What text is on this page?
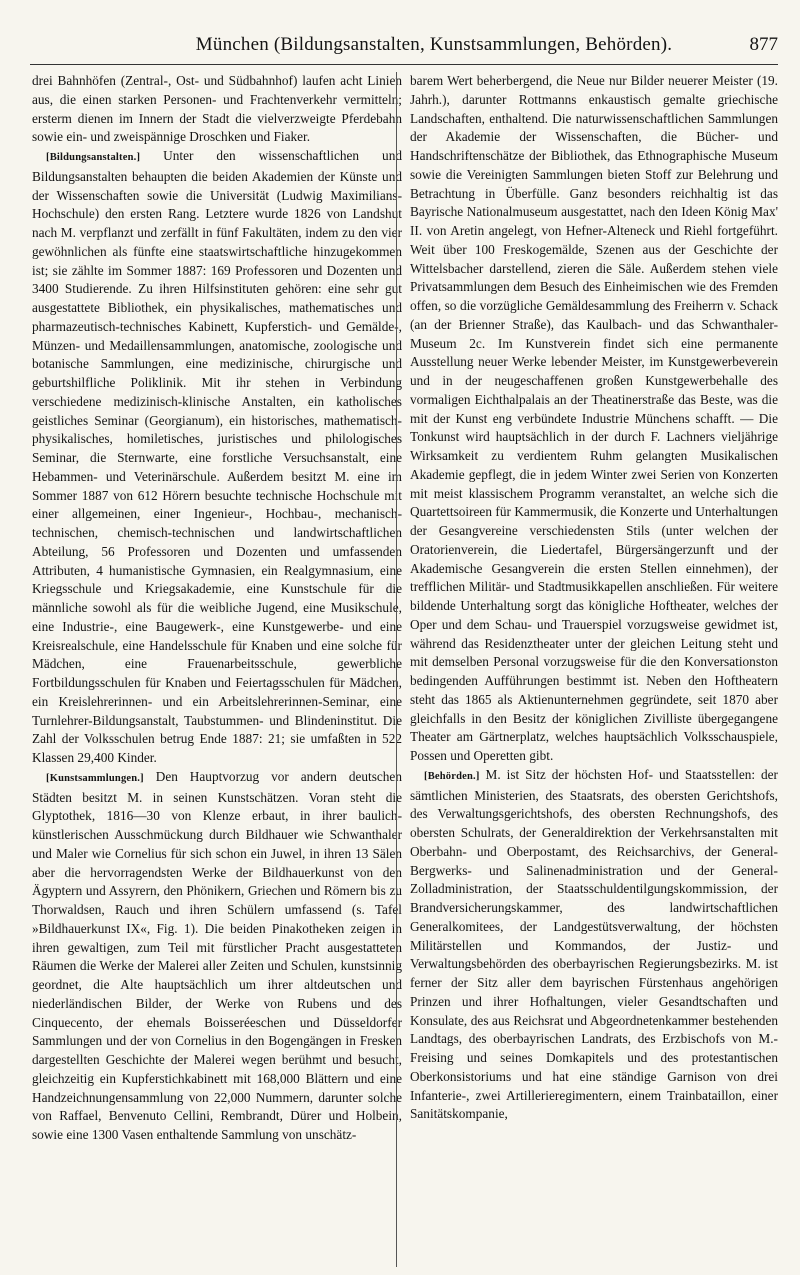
München (Bildungsanstalten, Kunstsammlungen, Behörden).	877

drei Bahnhöfen (Zentral-, Ost- und Südbahnhof) laufen acht Linien aus, die einen starken Personen- und Frachtenverkehr vermitteln; ersterm dienen im Innern der Stadt die vielverzweigte Pferdebahn sowie ein- und zweispännige Droschken und Fiaker.

[Bildungsanstalten.] Unter den wissenschaftlichen und Bildungsanstalten behaupten die beiden Akademien der Künste und der Wissenschaften sowie die Universität (Ludwig Maximilians-Hochschule) den ersten Rang. Letztere wurde 1826 von Landshut nach M. verpflanzt und zerfällt in fünf Fakultäten, indem zu den vier gewöhnlichen als fünfte eine staatswirtschaftliche hinzugekommen ist; sie zählte im Sommer 1887: 169 Professoren und Dozenten und 3400 Studierende. Zu ihren Hilfsinstituten gehören: eine sehr gut ausgestattete Bibliothek, ein physikalisches, mathematisches und pharmazeutisch-technisches Kabinett, Kupferstich- und Gemälde-, Münzen- und Medaillensammlungen, anatomische, zoologische und botanische Sammlungen, eine medizinische, chirurgische und geburtshilfliche Poliklinik. Mit ihr stehen in Verbindung verschiedene medizinisch-klinische Anstalten, ein katholisches geistliches Seminar (Georgianum), ein historisches, mathematisch-physikalisches, homiletisches, juristisches und philologisches Seminar, die Sternwarte, eine forstliche Versuchsanstalt, eine Hebammen- und Veterinärschule. Außerdem besitzt M. eine im Sommer 1887 von 612 Hörern besuchte technische Hochschule mit einer allgemeinen, einer Ingenieur-, Hochbau-, mechanisch-technischen, chemisch-technischen und landwirtschaftlichen Abteilung, 56 Professoren und Dozenten und umfassenden Attributen, 4 humanistische Gymnasien, ein Realgymnasium, eine Kriegsschule und Kriegsakademie, eine Kunstschule für die männliche sowohl als für die weibliche Jugend, eine Musikschule, eine Industrie-, eine Baugewerk-, eine Kunstgewerbe- und eine Kreisrealschule, eine Handelsschule für Knaben und eine solche für Mädchen, eine Frauenarbeitsschule, gewerbliche Fortbildungsschulen für Knaben und Feiertagsschulen für Mädchen, ein Kreislehrerinnen- und ein Arbeitslehrerinnen-Seminar, eine Turnlehrer-Bildungsanstalt, Taubstummen- und Blindeninstitut. Die Zahl der Volksschulen betrug Ende 1887: 21; sie umfaßten in 522 Klassen 29,400 Kinder.

[Kunstsammlungen.] Den Hauptvorzug vor andern deutschen Städten besitzt M. in seinen Kunstschätzen. Voran steht die Glyptothek, 1816—30 von Klenze erbaut, in ihrer baulich-künstlerischen Ausschmückung durch Bildhauer wie Schwanthaler und Maler wie Cornelius für sich schon ein Juwel, in ihren 13 Sälen aber die hervorragendsten Werke der Bildhauerkunst von den Ägyptern und Assyrern, den Phönikern, Griechen und Römern bis zu Thorwaldsen, Rauch und ihren Schülern umfassend (s. Tafel »Bildhauerkunst IX«, Fig. 1). Die beiden Pinakotheken zeigen in ihren gewaltigen, zum Teil mit fürstlicher Pracht ausgestatteten Räumen die Werke der Malerei aller Zeiten und Schulen, kunstsinnig geordnet, die Alte hauptsächlich um ihrer altdeutschen und niederländischen Bilder, der Werke von Rubens und des Cinquecento, der ehemals Boisseréeschen und Düsseldorfer Sammlungen und der von Cornelius in den Bogengängen in Fresken dargestellten Geschichte der Malerei wegen berühmt und besucht, gleichzeitig ein Kupferstichkabinett mit 168,000 Blättern und eine Handzeichnungensammlung von 22,000 Nummern, darunter solche von Raffael, Benvenuto Cellini, Rembrandt, Dürer und Holbein, sowie eine 1300 Vasen enthaltende Sammlung von unschätz-

barem Wert beherbergend, die Neue nur Bilder neuerer Meister (19. Jahrh.), darunter Rottmanns enkaustisch gemalte griechische Landschaften, enthaltend. Die naturwissenschaftlichen Sammlungen der Akademie der Wissenschaften, die Bücher- und Handschriftenschätze der Bibliothek, das Ethnographische Museum sowie die Vereinigten Sammlungen bieten Stoff zur Belehrung und Betrachtung in Überfülle. Ganz besonders reichhaltig ist das Bayrische Nationalmuseum ausgestattet, nach den Ideen König Max' II. von Aretin angelegt, von Hefner-Alteneck und Riehl fortgeführt. Weit über 100 Freskogemälde, Szenen aus der Geschichte der Wittelsbacher darstellend, zieren die Säle. Außerdem stehen viele Privatsammlungen dem Besuch des Einheimischen wie des Fremden offen, so die vorzügliche Gemäldesammlung des Freiherrn v. Schack (an der Brienner Straße), das Kaulbach- und das Schwanthaler-Museum 2c. Im Kunstverein findet sich eine permanente Ausstellung neuer Werke lebender Meister, im Kunstgewerbeverein und in der neugeschaffenen großen Kunstgewerbehalle des vormaligen Eichthalpalais an der Theatinerstraße das Beste, was die mit der Kunst eng verbündete Industrie Münchens schafft. — Die Tonkunst wird hauptsächlich in der durch F. Lachners vieljährige Wirksamkeit zu verdientem Ruhm gelangten Musikalischen Akademie gepflegt, die in jedem Winter zwei Serien von Konzerten mit meist klassischem Programm veranstaltet, an welche sich die Quartettsoireen für Kammermusik, die Konzerte und Unterhaltungen der Gesangvereine verschiedensten Stils (unter welchen der Oratorienverein, die Liedertafel, Bürgersängerzunft und der Akademische Gesangverein die ersten Stellen einnehmen), der trefflichen Militär- und Stadtmusikkapellen anschließen. Für weitere bildende Unterhaltung sorgt das königliche Hoftheater, welches der Oper und dem Schau- und Trauerspiel vorzugsweise gewidmet ist, während das Residenztheater unter der gleichen Leitung steht und mit demselben Personal vorzugsweise für die den Konversationston bedingenden Aufführungen bestimmt ist. Neben den Hoftheatern steht das 1865 als Aktienunternehmen gegründete, seit 1870 aber gleichfalls in den Besitz der königlichen Zivilliste übergegangene Theater am Gärtnerplatz, welches hauptsächlich Volksschauspiele, Possen und Operetten gibt.

[Behörden.] M. ist Sitz der höchsten Hof- und Staatsstellen: der sämtlichen Ministerien, des Staatsrats, des obersten Gerichtshofs, des Verwaltungsgerichtshofs, des obersten Rechnungshofs, des obersten Schulrats, der Generaldirektion der Verkehrsanstalten mit Oberbahn- und Oberpostamt, des Reichsarchivs, der General-Bergwerks- und Salinenadministration und der General-Zolladministration, der Staatsschuldentilgungskommission, der Brandversicherungskammer, des landwirtschaftlichen Generalkomitees, der Landgestütsverwaltung, der höchsten Militärstellen und Kommandos, der Justiz- und Verwaltungsbehörden des oberbayrischen Regierungsbezirks. M. ist ferner der Sitz aller dem bayrischen Fürstenhaus angehörigen Prinzen und ihrer Hofhaltungen, vieler Gesandtschaften und Konsulate, des aus Reichsrat und Abgeordnetenkammer bestehenden Landtags, des oberbayrischen Landrats, des Erzbischofs von M.-Freising und seines Domkapitels und des protestantischen Oberkonsistoriums und hat eine ständige Garnison von drei Infanterie-, zwei Artillerieregimentern, einem Trainbataillon, einer Sanitätskompanie,
